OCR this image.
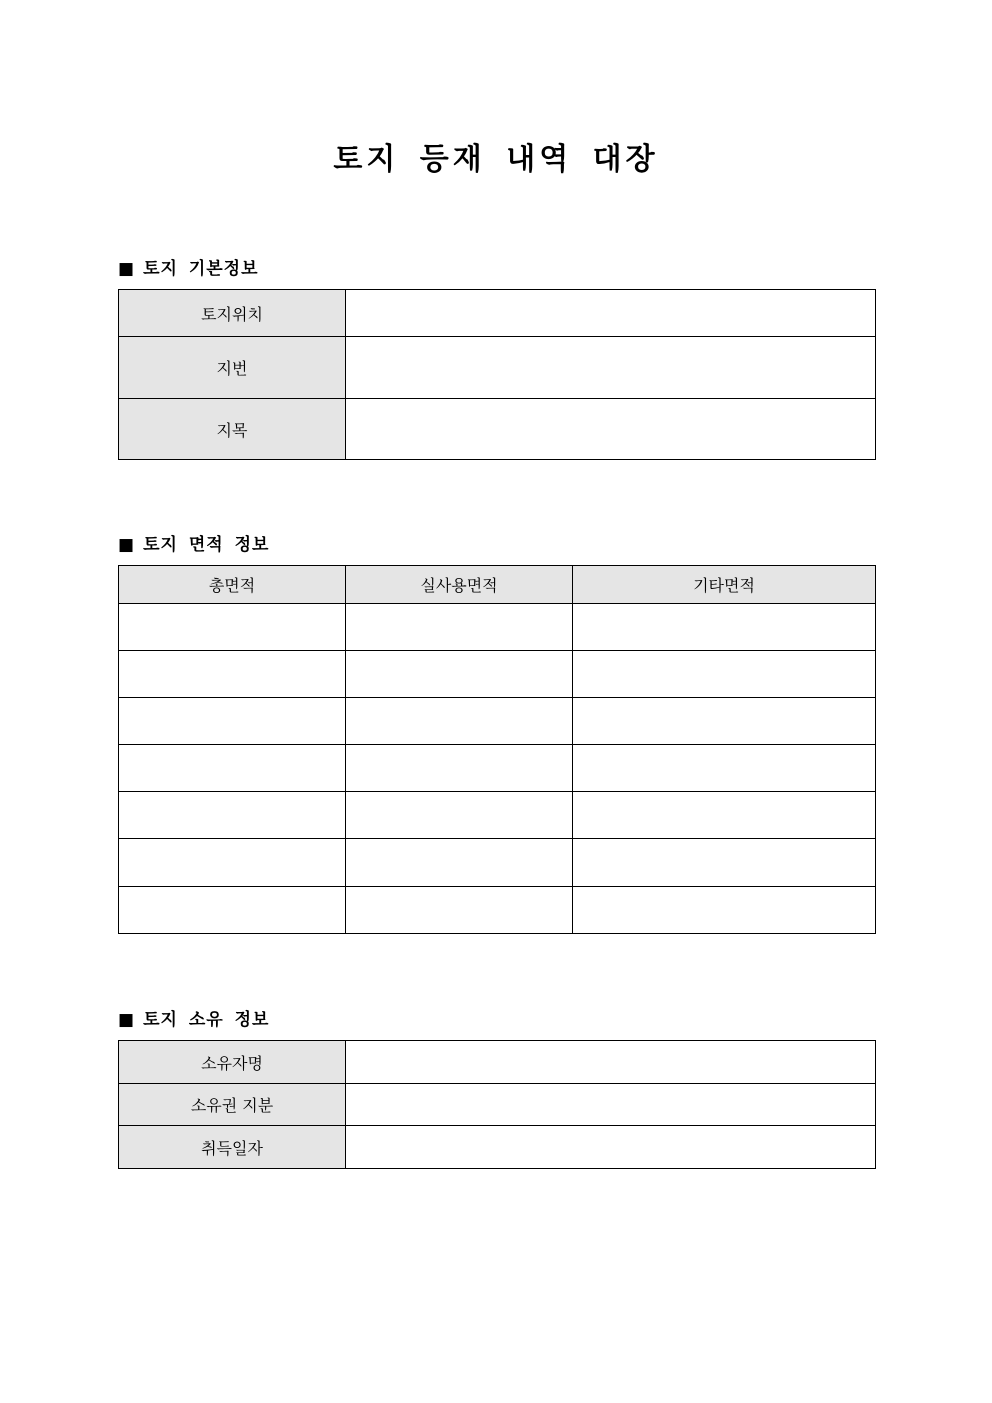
토지 등재 내역 대장
■ 토지 기본정보
토지위치	
지번	
지목	
■ 토지 면적 정보
총면적	실사용면적	기타면적

■ 토지 소유 정보
소유자명	
소유권 지분	
취득일자	
